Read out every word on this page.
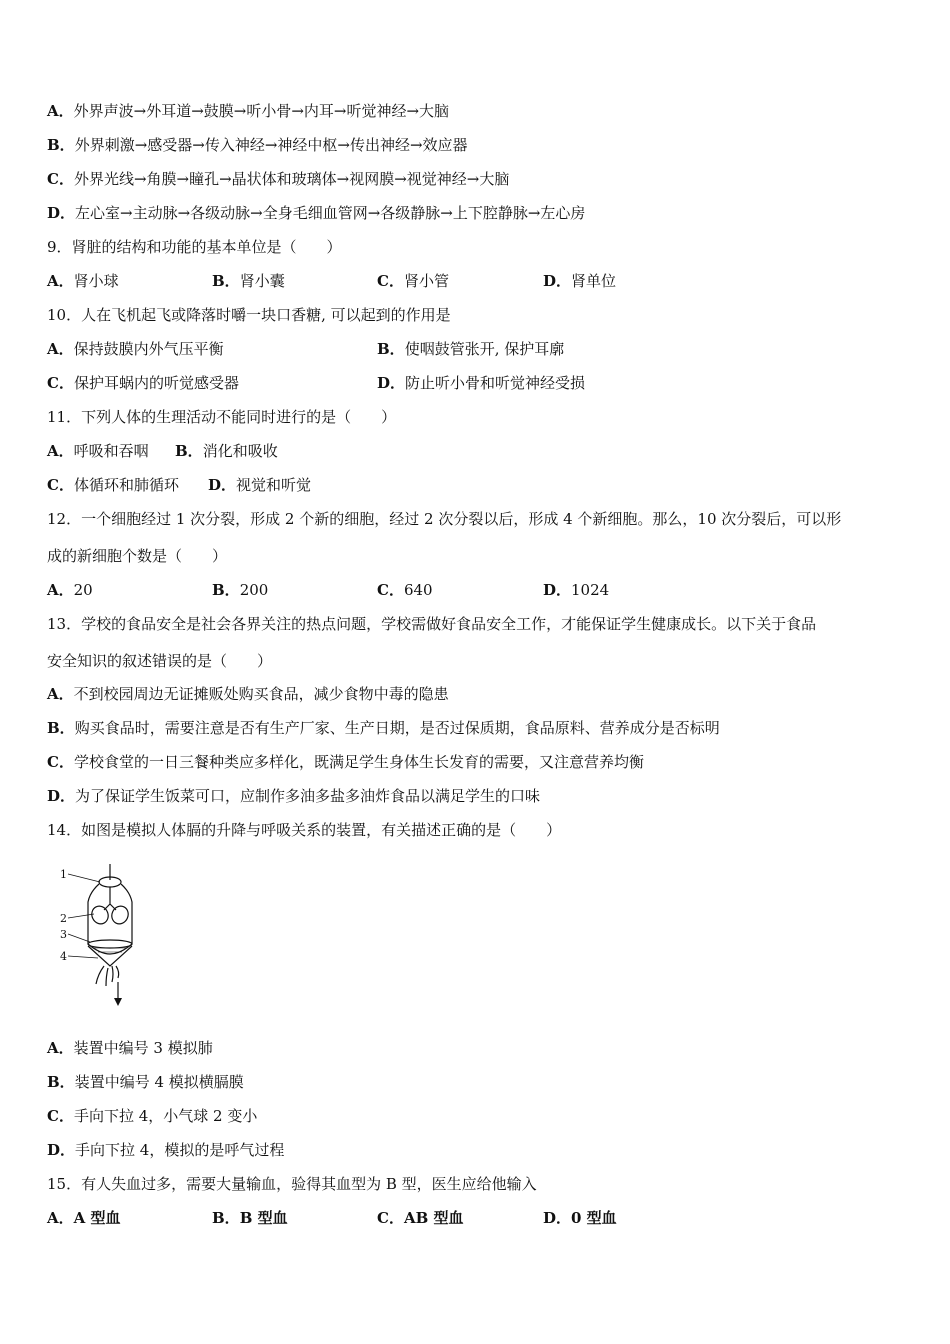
A．外界声波→外耳道→鼓膜→听小骨→内耳→听觉神经→大脑
B．外界刺激→感受器→传入神经→神经中枢→传出神经→效应器
C．外界光线→角膜→瞳孔→晶状体和玻璃体→视网膜→视觉神经→大脑
D．左心室→主动脉→各级动脉→全身毛细血管网→各级静脉→上下腔静脉→左心房
9．肾脏的结构和功能的基本单位是（　　）
A．肾小球	B．肾小囊	C．肾小管	D．肾单位
10．人在飞机起飞或降落时嚼一块口香糖, 可以起到的作用是
A．保持鼓膜内外气压平衡	B．使咽鼓管张开, 保护耳廓
C．保护耳蜗内的听觉感受器	D．防止听小骨和听觉神经受损
11．下列人体的生理活动不能同时进行的是（　　）
A．呼吸和吞咽 B．消化和吸收
C．体循环和肺循环 D．视觉和听觉
12．一个细胞经过 1 次分裂，形成 2 个新的细胞，经过 2 次分裂以后，形成 4 个新细胞。那么，10 次分裂后，可以形
成的新细胞个数是（　　）
A．20	B．200	C．640	D．1024
13．学校的食品安全是社会各界关注的热点问题，学校需做好食品安全工作，才能保证学生健康成长。以下关于食品
安全知识的叙述错误的是（　　）
A．不到校园周边无证摊贩处购买食品，减少食物中毒的隐患
B．购买食品时，需要注意是否有生产厂家、生产日期，是否过保质期，食品原料、营养成分是否标明
C．学校食堂的一日三餐种类应多样化，既满足学生身体生长发育的需要，又注意营养均衡
D．为了保证学生饭菜可口，应制作多油多盐多油炸食品以满足学生的口味
14．如图是模拟人体膈的升降与呼吸关系的装置，有关描述正确的是（　　）
1
2
3
4
A．装置中编号 3 模拟肺
B．装置中编号 4 模拟横膈膜
C．手向下拉 4，小气球 2 变小
D．手向下拉 4，模拟的是呼气过程
15．有人失血过多，需要大量输血，验得其血型为 B 型，医生应给他输入
A．A 型血	B．B 型血	C．AB 型血	D．0 型血
